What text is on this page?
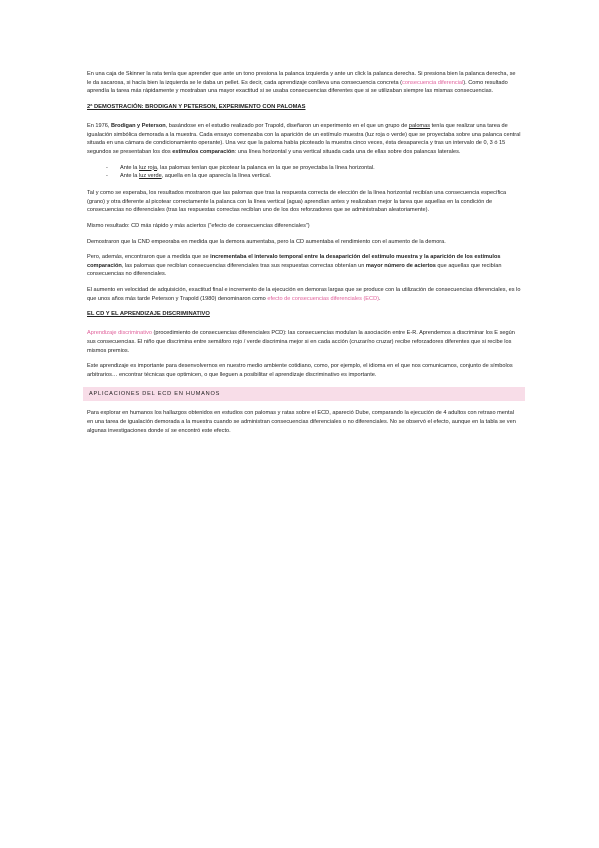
En una caja de Skinner la rata tenía que aprender que ante un tono presiona la palanca izquierda y ante un click la palanca derecha. Si presiona bien la palanca derecha, se le da sacarosa, si hacía bien la izquierda se le daba un pellet. Es decir, cada aprendizaje conlleva una consecuencia concreta (consecuencia diferencial). Como resultado aprendía la tarea más rápidamente y mostraban una mayor exactitud si se usaba consecuencias diferentes que si se utilizaban siempre las mismas consecuencias.

2ª DEMOSTRACIÓN: BRODIGAN Y PETERSON, EXPERIMENTO CON PALOMAS

En 1976, Brodigan y Peterson, basándose en el estudio realizado por Trapold, diseñaron un experimento en el que un grupo de palomas tenía que realizar una tarea de igualación simbólica demorada a la muestra. Cada ensayo comenzaba con la aparición de un estímulo muestra (luz roja o verde) que se proyectaba sobre una palanca central situada en una cámara de condicionamiento operante). Una vez que la paloma había picoteado la muestra cinco veces, ésta desaparecía y tras un intervalo de 0, 3 ó 15 segundos se presentaban los dos estímulos comparación: una línea horizontal y una vertical situada cada una de ellas sobre dos palancas laterales.

- Ante la luz roja, las palomas tenían que picotear la palanca en la que se proyectaba la línea horizontal.
- Ante la luz verde, aquella en la que aparecía la línea vertical.

Tal y como se esperaba, los resultados mostraron que las palomas que tras la respuesta correcta de elección de la línea horizontal recibían una consecuencia específica (grano) y otra diferente al picotear correctamente la palanca con la línea vertical (agua) aprendían antes y realizaban mejor la tarea que aquellas en la condición de consecuencias no diferenciales (tras las respuestas correctas recibían uno de los dos reforzadores que se administraban aleatoriamente).

Mismo resultado: CD más rápido y más aciertos (“efecto de consecuencias diferenciales”)

Demostraron que la CND empeoraba en medida que la demora aumentaba, pero la CD aumentaba el rendimiento con el aumento de la demora.

Pero, además, encontraron que a medida que se incrementaba el intervalo temporal entre la desaparición del estímulo muestra y la aparición de los estímulos comparación, las palomas que recibían consecuencias diferenciales tras sus respuestas correctas obtenían un mayor número de aciertos que aquellas que recibían consecuencias no diferenciales.

El aumento en velocidad de adquisición, exactitud final e incremento de la ejecución en demoras largas que se produce con la utilización de consecuencias diferenciales, es lo que unos años más tarde Peterson y Trapold (1980) denominaron como efecto de consecuencias diferenciales (ECD).

EL CD Y EL APRENDIZAJE DISCRIMINATIVO

Aprendizaje discriminativo (procedimiento de consecuencias diferenciales PCD): las consecuencias modulan la asociación entre E-R. Aprendemos a discriminar los E según sus consecuencias. El niño que discrimina entre semáforo rojo / verde discrimina mejor si en cada acción (cruzar/no cruzar) recibe reforzadores diferentes que si recibe los mismos premios.

Este aprendizaje es importante para desenvolvernos en nuestro medio ambiente cotidiano, como, por ejemplo, el idioma en el que nos comunicamos, conjunto de símbolos arbitrarios… encontrar técnicas que optimicen, o que lleguen a posibilitar el aprendizaje discriminativo es importante.

APLICACIONES DEL ECD EN HUMANOS

Para explorar en humanos los hallazgos obtenidos en estudios con palomas y ratas sobre el ECD, apareció Dube, comparando la ejecución de 4 adultos con retraso mental en una tarea de igualación demorada a la muestra cuando se administran consecuencias diferenciales o no diferenciales. No se observó el efecto, aunque en la tabla se ven algunas investigaciones donde sí se encontró este efecto.
